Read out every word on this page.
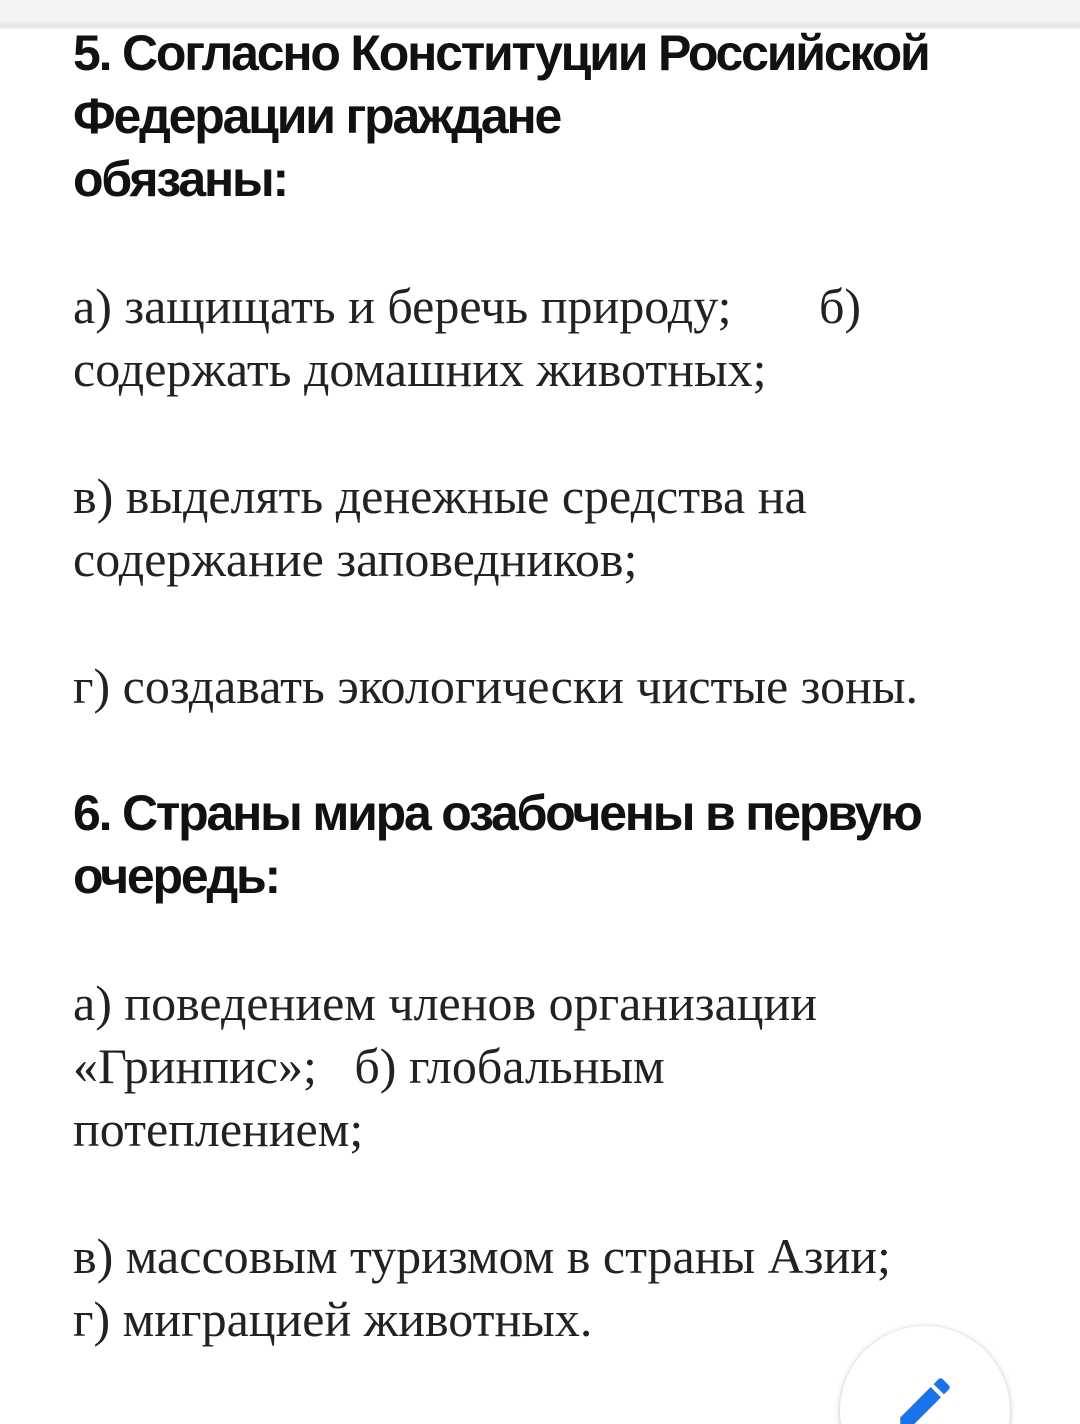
5. Согласно Конституции Российской
Федерации граждане
обязаны:
а) защищать и беречь природу;       б)
содержать домашних животных;
в) выделять денежные средства на
содержание заповедников;
г) создавать экологически чистые зоны.
6. Страны мира озабочены в первую
очередь:
а) поведением членов организации
«Гринпис»;   б) глобальным
потеплением;
в) массовым туризмом в страны Азии;
г) миграцией животных.
